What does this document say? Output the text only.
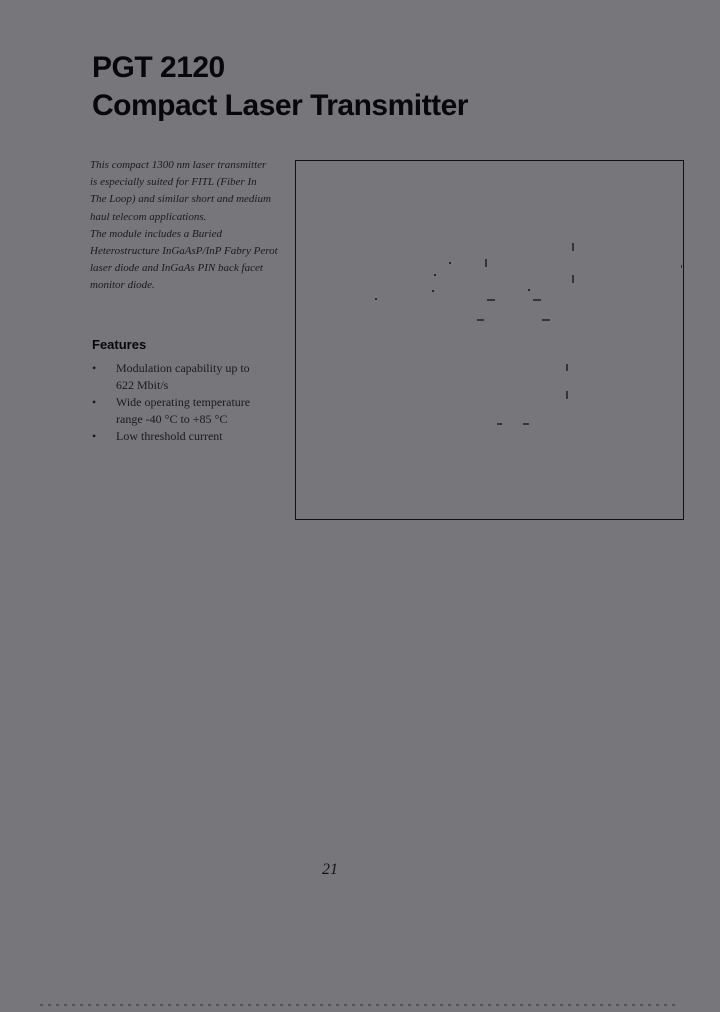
PGT 2120
Compact Laser Transmitter
This compact 1300 nm laser transmitter
is especially suited for FITL (Fiber In
The Loop) and similar short and medium
haul telecom applications.
The module includes a Buried
Heterostructure InGaAsP/InP Fabry Perot
laser diode and InGaAs PIN back facet
monitor diode.
Features
• Modulation capability up to
622 Mbit/s
• Wide operating temperature
range -40 °C to +85 °C
• Low threshold current
21
